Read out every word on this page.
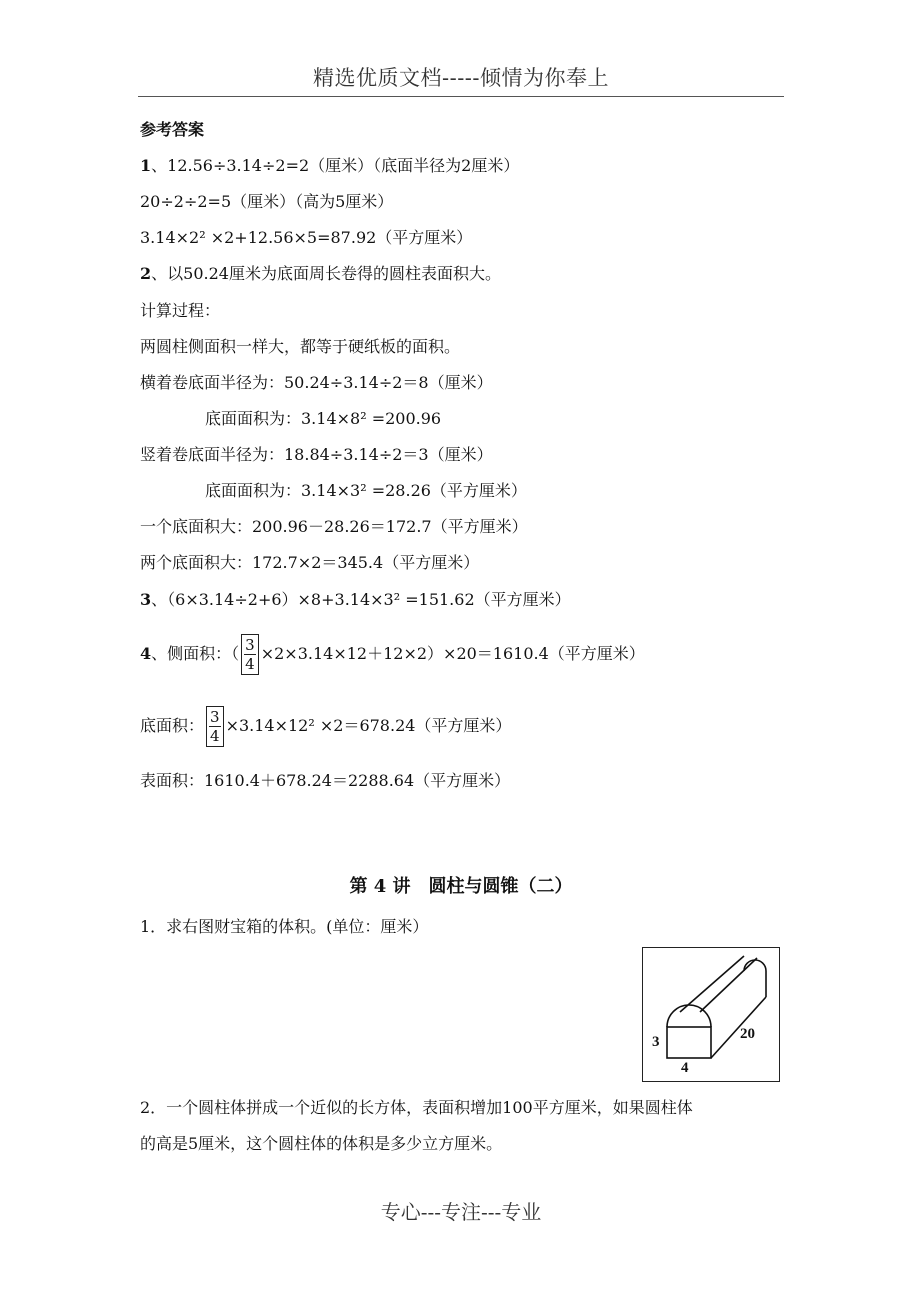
精选优质文档-----倾情为你奉上
参考答案
1、12.56÷3.14÷2=2（厘米）（底面半径为2厘米）
20÷2÷2=5（厘米）（高为5厘米）
3.14×2² ×2+12.56×5=87.92（平方厘米）
2、以50.24厘米为底面周长卷得的圆柱表面积大。
计算过程：
两圆柱侧面积一样大，都等于硬纸板的面积。
横着卷底面半径为：50.24÷3.14÷2＝8（厘米）
底面面积为：3.14×8² =200.96
竖着卷底面半径为：18.84÷3.14÷2＝3（厘米）
底面面积为：3.14×3² =28.26（平方厘米）
一个底面积大：200.96－28.26＝172.7（平方厘米）
两个底面积大：172.7×2＝345.4（平方厘米）
3、（6×3.14÷2+6）×8+3.14×3² =151.62（平方厘米）
4、侧面积：（ $\frac{3}{4} \times 2\times 3.14\times 12+12\times 2)\times 20=1610.4$（平方厘米）
底面积： $\frac{3}{4} \times 3.14\times 12^2 \times 2=678.24$（平方厘米）
表面积：1610.4＋678.24＝2288.64（平方厘米）
第 4 讲　圆柱与圆锥（二）
1．求右图财宝箱的体积。(单位：厘米）
3
4
20
2．一个圆柱体拼成一个近似的长方体，表面积增加100平方厘米，如果圆柱体
的高是5厘米，这个圆柱体的体积是多少立方厘米。
专心---专注---专业
